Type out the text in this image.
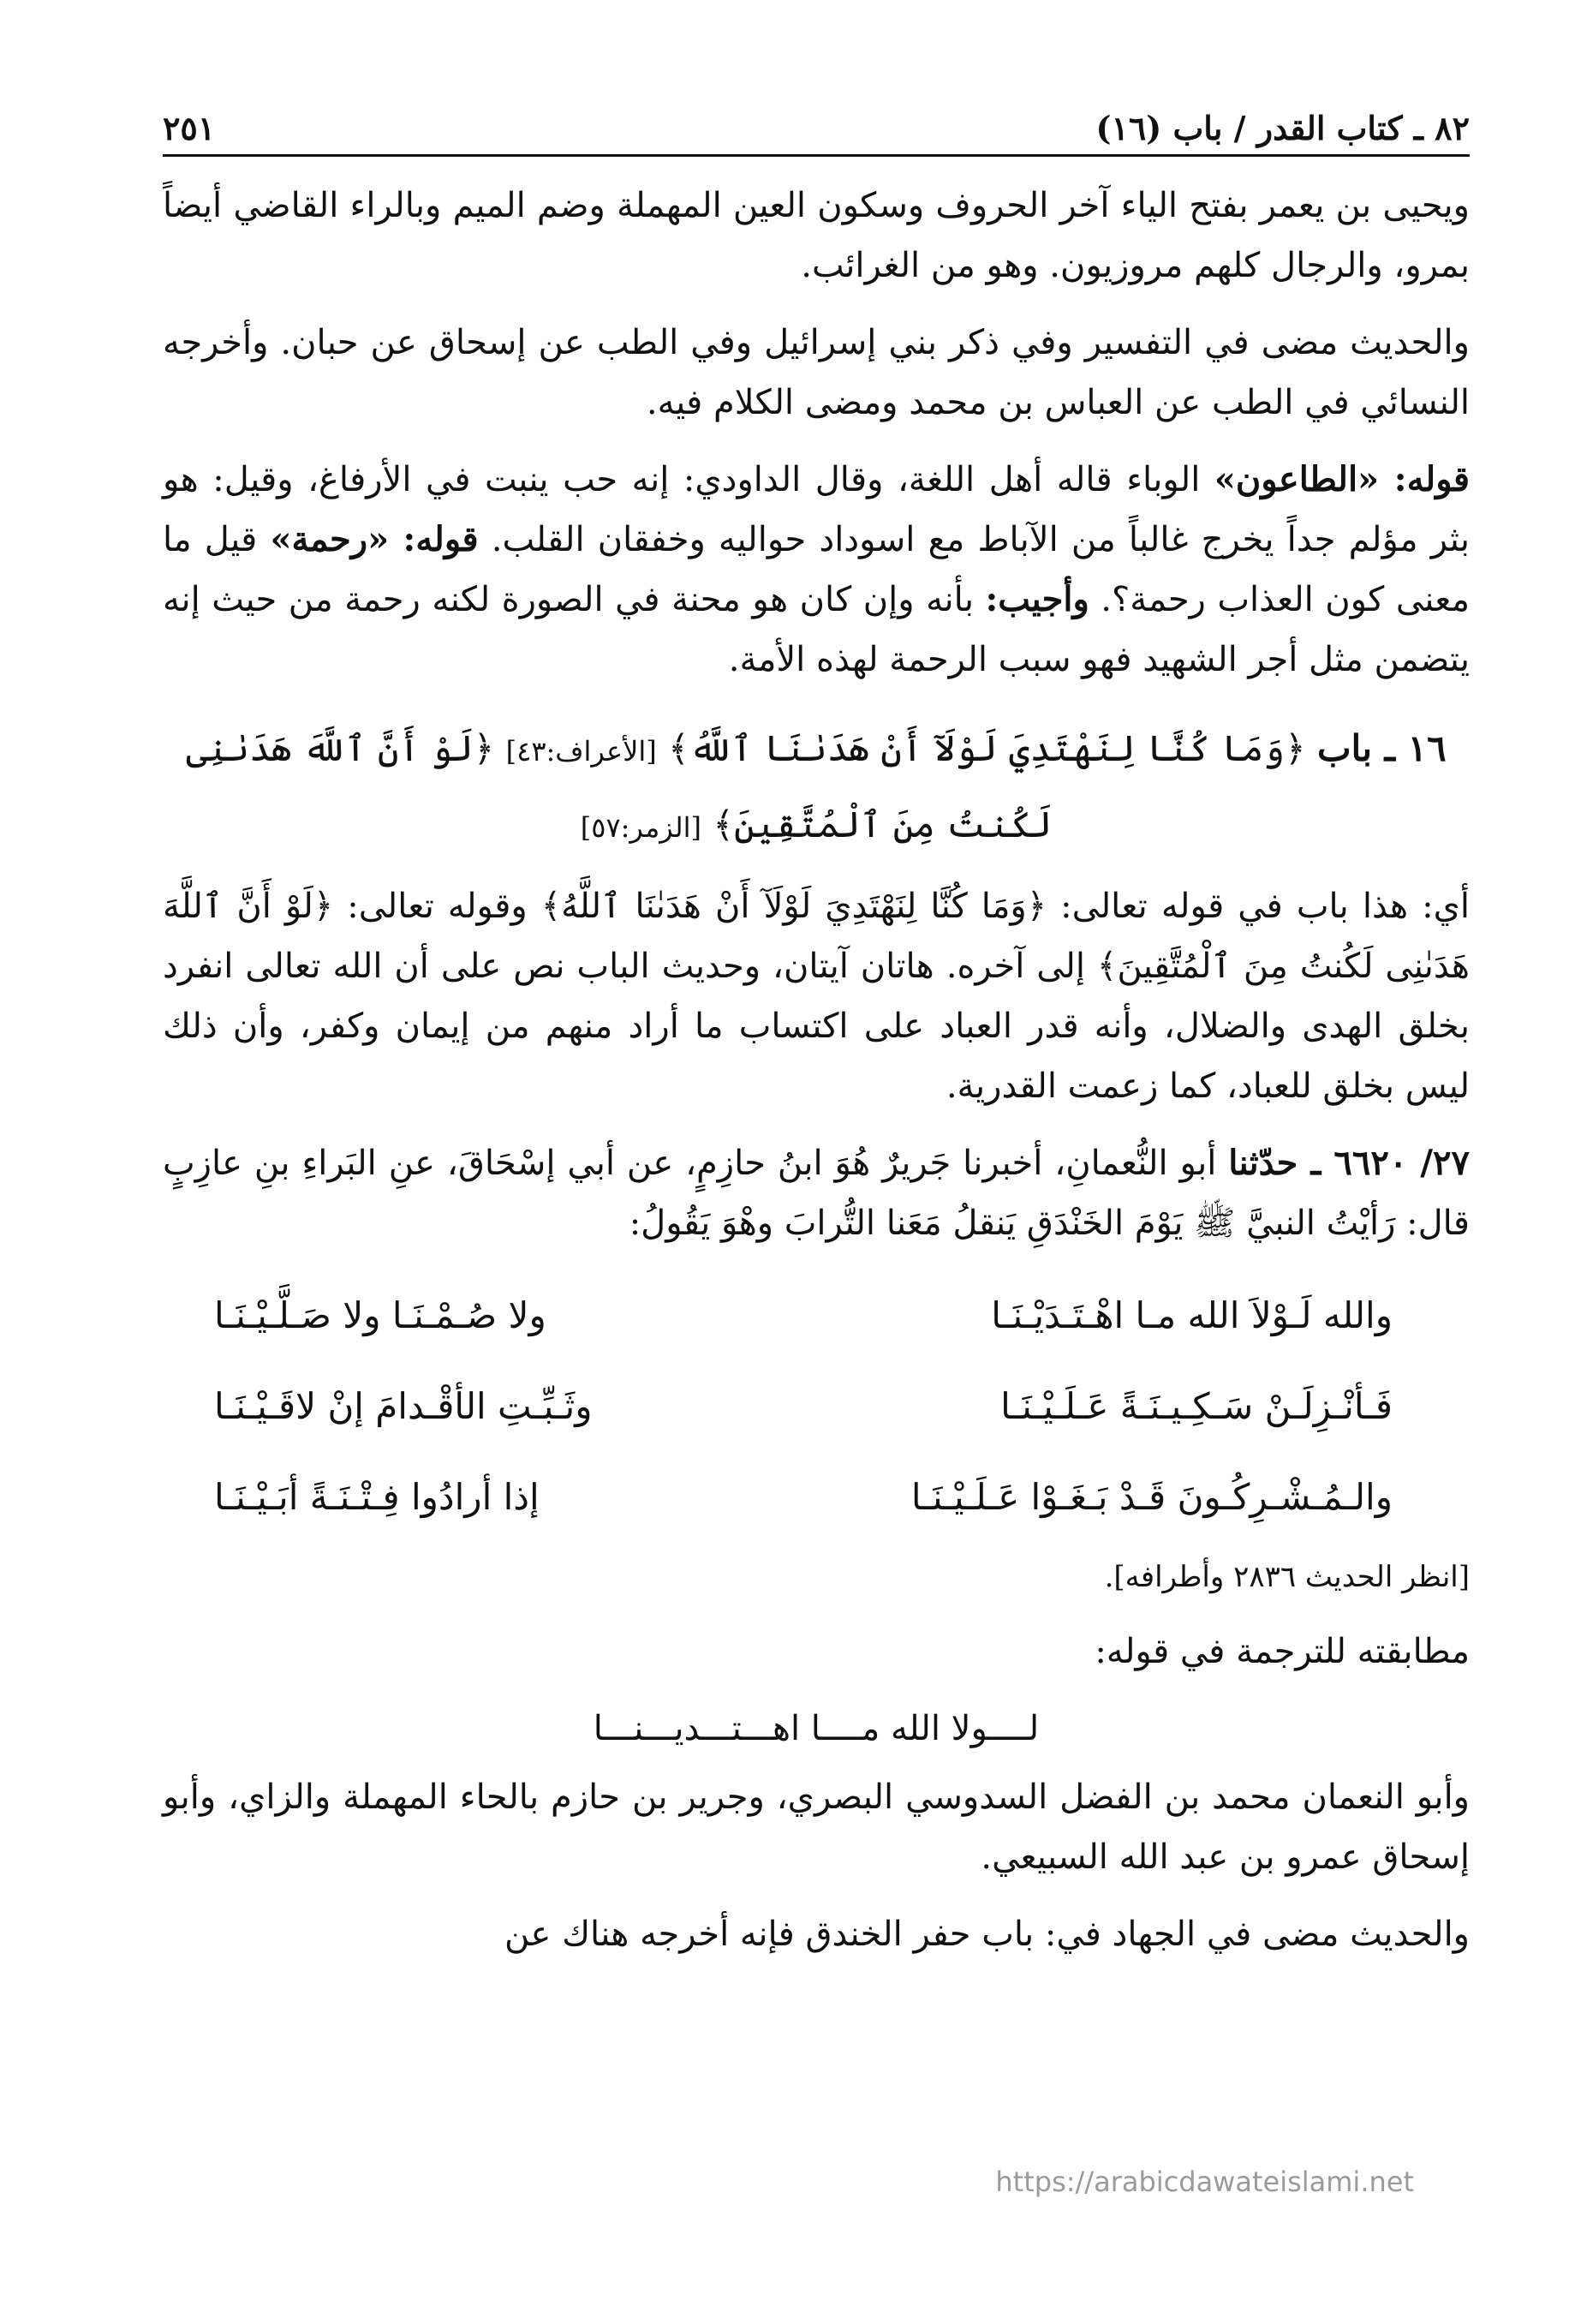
٢٥١	٨٢ ـ كتاب القدر / باب (١٦)

ويحيى بن يعمر بفتح الياء آخر الحروف وسكون العين المهملة وضم الميم وبالراء القاضي أيضاً بمرو، والرجال كلهم مروزيون. وهو من الغرائب.

والحديث مضى في التفسير وفي ذكر بني إسرائيل وفي الطب عن إسحاق عن حبان. وأخرجه النسائي في الطب عن العباس بن محمد ومضى الكلام فيه.

قوله: «الطاعون» الوباء قاله أهل اللغة، وقال الداودي: إنه حب ينبت في الأرفاغ، وقيل: هو بثر مؤلم جداً يخرج غالباً من الآباط مع اسوداد حواليه وخفقان القلب. قوله: «رحمة» قيل ما معنى كون العذاب رحمة؟. وأجيب: بأنه وإن كان هو محنة في الصورة لكنه رحمة من حيث إنه يتضمن مثل أجر الشهيد فهو سبب الرحمة لهذه الأمة.

١٦ ـ باب ﴿وَمَا كُنَّا لِنَهْتَدِيَ لَوْلَآ أَنْ هَدَىٰنَا ٱللَّهُ﴾ [الأعراف:٤٣] ﴿لَوْ أَنَّ ٱللَّهَ هَدَىٰنِى لَكُنتُ مِنَ ٱلْمُتَّقِينَ﴾ [الزمر:٥٧]

أي: هذا باب في قوله تعالى: ﴿وَمَا كُنَّا لِنَهْتَدِيَ لَوْلَآ أَنْ هَدَىٰنَا ٱللَّهُ﴾ وقوله تعالى: ﴿لَوْ أَنَّ ٱللَّهَ هَدَىٰنِى لَكُنتُ مِنَ ٱلْمُتَّقِينَ﴾ إلى آخره. هاتان آيتان، وحديث الباب نص على أن الله تعالى انفرد بخلق الهدى والضلال، وأنه قدر العباد على اكتساب ما أراد منهم من إيمان وكفر، وأن ذلك ليس بخلق للعباد، كما زعمت القدرية.

٢٧/ ٦٦٢٠ ـ حدّثنا أبو النُّعمانِ، أخبرنا جَريرٌ هُوَ ابنُ حازِمٍ، عن أبي إسْحَاقَ، عنِ البَراءِ بنِ عازِبٍ قال: رَأيْتُ النبيَّ ﷺ يَوْمَ الخَنْدَقِ يَنقلُ مَعَنا التُّرابَ وهْوَ يَقُولُ:

والله لَـوْلاَ الله مـا اهْـتَـدَيْـنَـا
ولا صُـمْـنَـا ولا صَـلَّـيْـنَـا
فَـأنْـزِلَـنْ سَـكِـيـنَـةً عَـلَـيْـنَـا
وثَـبِّـتِ الأقْـدامَ إنْ لاقَـيْـنَـا
والـمُـشْـرِكُـونَ قَـدْ بَـغَـوْا عَـلَـيْـنَـا
إذا أرادُوا فِـتْـنَـةً أبَـيْـنَـا

[انظر الحديث ٢٨٣٦ وأطرافه].

مطابقته للترجمة في قوله:

لــــولا الله مــــا اهـــتـــديـــنـــا

وأبو النعمان محمد بن الفضل السدوسي البصري، وجرير بن حازم بالحاء المهملة والزاي، وأبو إسحاق عمرو بن عبد الله السبيعي.

والحديث مضى في الجهاد في: باب حفر الخندق فإنه أخرجه هناك عن

https://arabicdawateislami.net
